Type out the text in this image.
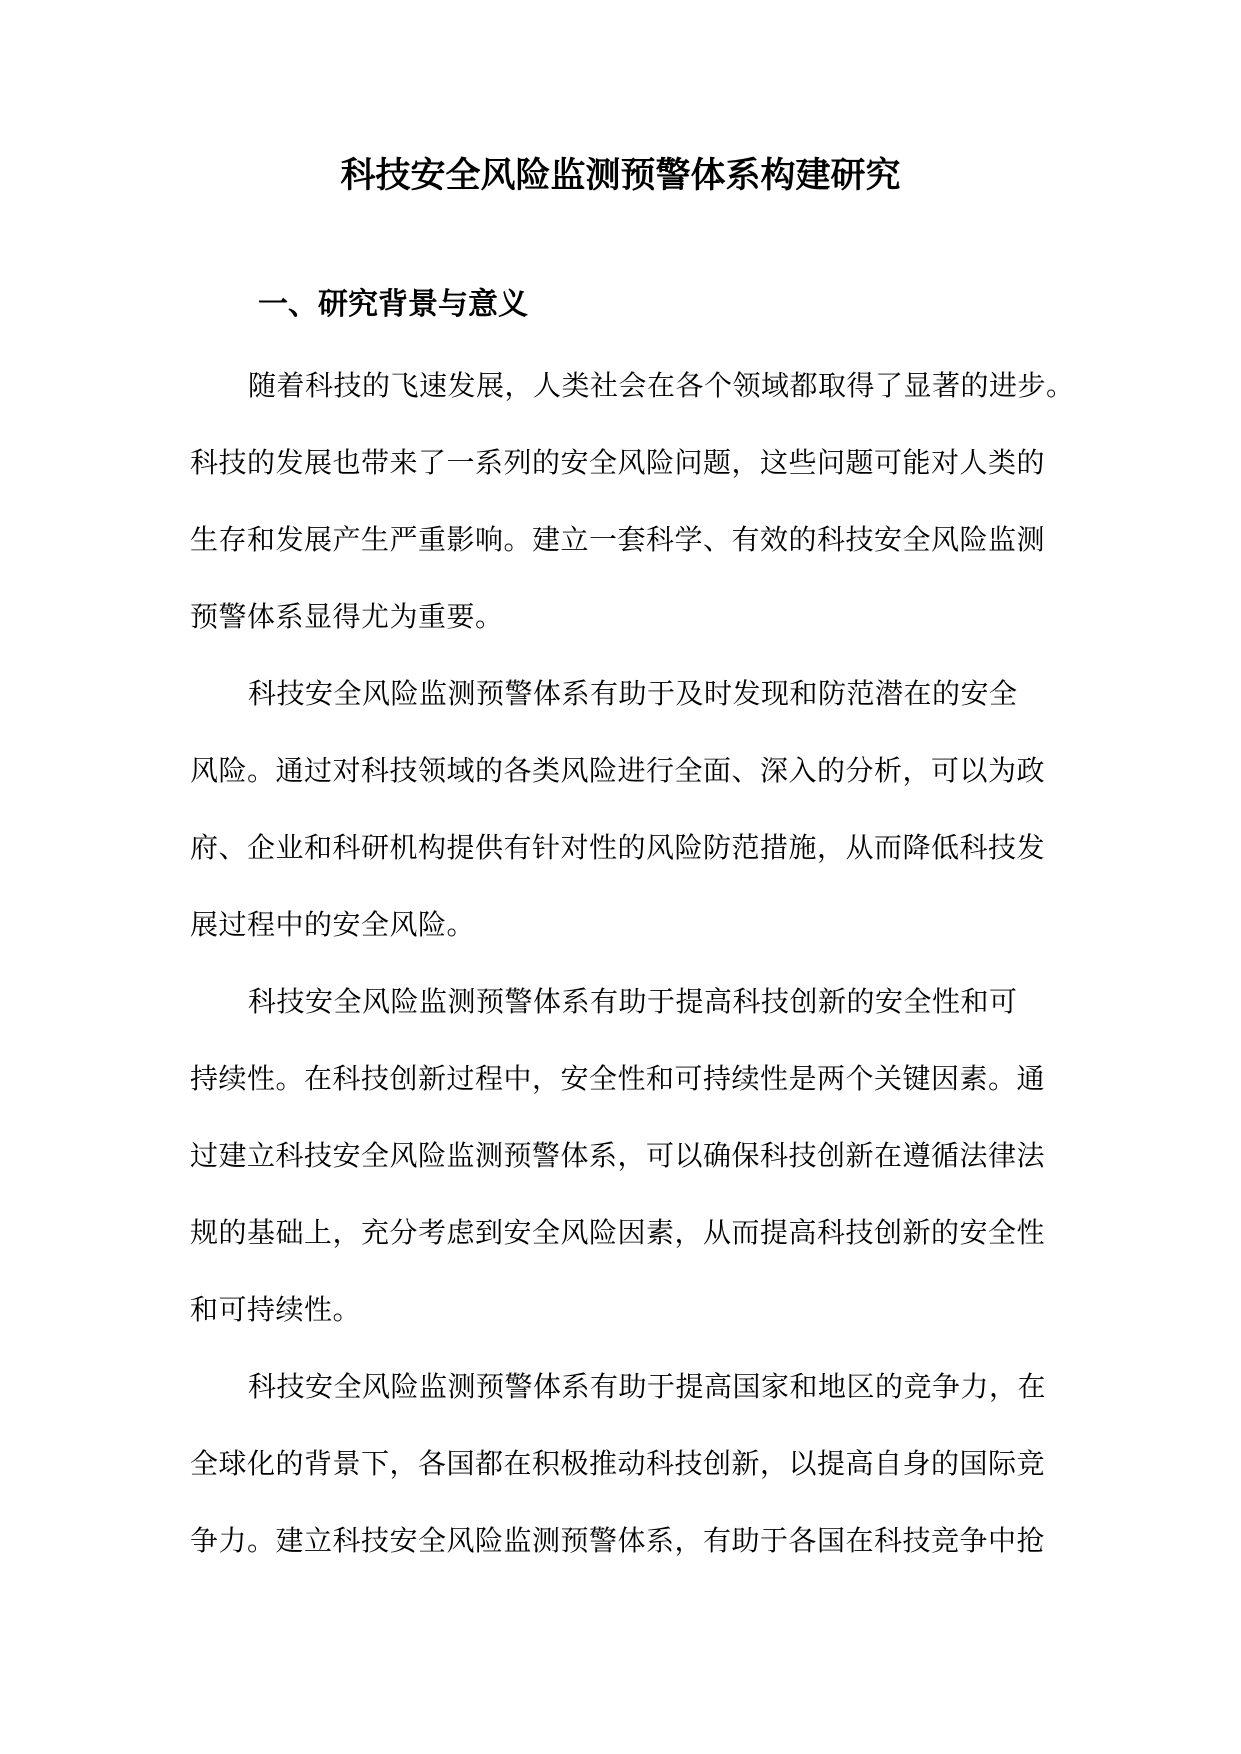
科技安全风险监测预警体系构建研究
一、研究背景与意义
随着科技的飞速发展，人类社会在各个领域都取得了显著的进步。
科技的发展也带来了一系列的安全风险问题，这些问题可能对人类的
生存和发展产生严重影响。建立一套科学、有效的科技安全风险监测
预警体系显得尤为重要。
科技安全风险监测预警体系有助于及时发现和防范潜在的安全
风险。通过对科技领域的各类风险进行全面、深入的分析，可以为政
府、企业和科研机构提供有针对性的风险防范措施，从而降低科技发
展过程中的安全风险。
科技安全风险监测预警体系有助于提高科技创新的安全性和可
持续性。在科技创新过程中，安全性和可持续性是两个关键因素。通
过建立科技安全风险监测预警体系，可以确保科技创新在遵循法律法
规的基础上，充分考虑到安全风险因素，从而提高科技创新的安全性
和可持续性。
科技安全风险监测预警体系有助于提高国家和地区的竞争力，在
全球化的背景下，各国都在积极推动科技创新，以提高自身的国际竞
争力。建立科技安全风险监测预警体系，有助于各国在科技竞争中抢
